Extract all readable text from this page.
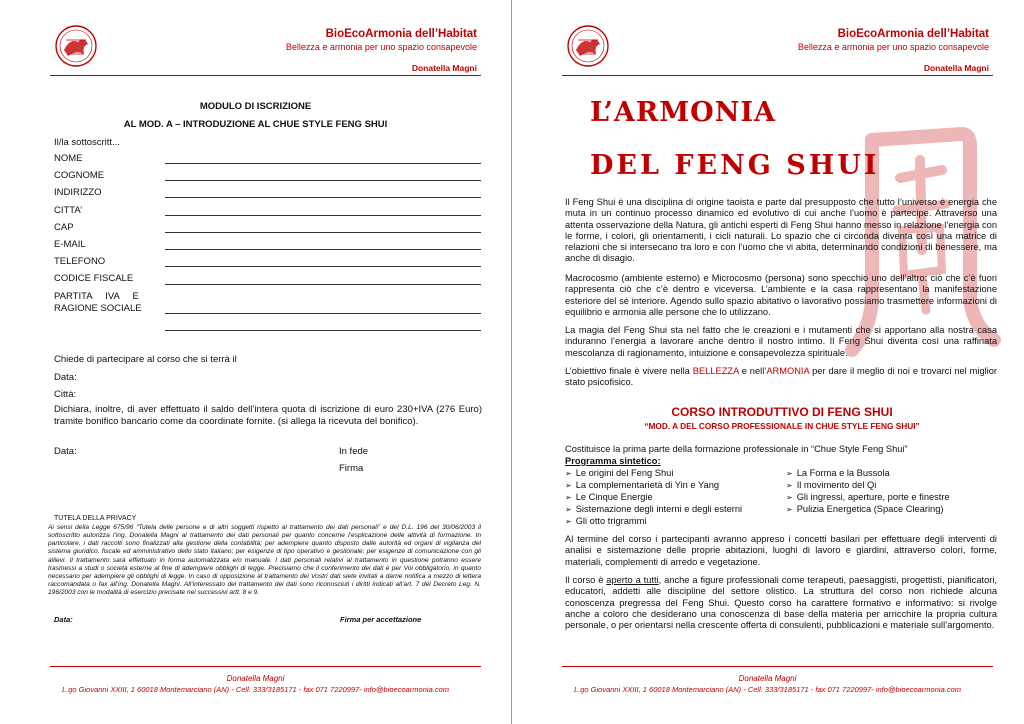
BioEcoArmonia dell’Habitat
Bellezza e armonia per uno spazio consapevole
Donatella Magni
MODULO DI ISCRIZIONE
AL MOD. A – INTRODUZIONE AL CHUE STYLE FENG SHUI
Il/la sottoscritt...
NOME
COGNOME
INDIRIZZO
CITTA’
CAP
E-MAIL
TELEFONO
CODICE FISCALE
PARTITA     IVA     E
RAGIONE SOCIALE
Chiede di partecipare al corso che si terrà il
Data:
Città:
Dichiara, inoltre, di aver effettuato il saldo dell’intera quota di iscrizione di euro 230+IVA (276 Euro) tramite bonifico bancario come da coordinate fornite. (si allega la ricevuta del bonifico).
Data:	In fede
Firma
TUTELA DELLA PRIVACY
Ai sensi della Legge 675/96 “Tutela delle persone e di altri soggetti rispetto al trattamento dei dati personali” e del D.L. 196 del 30/06/2003 il sottoscritto autorizza l’ing. Donatella Magni al trattamento dei dati personali per quanto concerne l’esplicazione delle attività di formazione. In particolare, i dati raccolti sono finalizzati alla gestione della contabilità; per adempiere quanto disposto dalle autorità ed organi di vigilanza del sistema giuridico, fiscale ed amministrativo dello stato italiano; per esigenze di tipo operativo e gestionale; per esigenze di comunicazione con gli allievi. Il trattamento sarà effettuato in forma automatizzata e/o manuale. I dati personali relativi al trattamento in questione potranno essere trasmessi a studi o società esterne al fine di adempiere obblighi di legge. Precisiamo che il conferimento dei dati è per Voi obbligatorio, in quanto necessario per adempiere gli obblighi di legge. In caso di opposizione al trattamento dei Vostri dati siete invitati a darne notifica a mezzo di lettera raccomandata o fax all’ing. Donatella Magni. All’interessato del trattamento dei dati sono riconosciuti i diritti indicati all’art. 7 del Decreto Leg. N. 196/2003 con le modalità di esercizio precisate nei successivi artt. 8 e 9.
Data:	Firma per accettazione
Donatella Magni
L.go Giovanni XXIII, 1 60018 Montemarciano (AN) - Cell. 333/3185171 - fax 071 7220997- info@bioecoarmonia.com
BioEcoArmonia dell’Habitat
Bellezza e armonia per uno spazio consapevole
Donatella Magni
L’ARMONIA
DEL FENG SHUI
Il Feng Shui è una disciplina di origine taoista e parte dal presupposto che tutto l’universo è energia che muta in un continuo processo dinamico ed evolutivo di cui anche l’uomo è partecipe. Attraverso una attenta osservazione della Natura, gli antichi esperti di Feng Shui hanno messo in relazione l’energia con le forme, i colori, gli orientamenti, i cicli naturali. Lo spazio che ci circonda diventa così una matrice di relazioni che si intersecano tra loro e con l’uomo che vi abita, determinando condizioni di benessere, ma anche di disagio.
Macrocosmo (ambiente esterno) e Microcosmo (persona) sono specchio uno dell’altro: ciò che c’è fuori rappresenta ciò che c’è dentro e viceversa. L’ambiente e la casa rappresentano la manifestazione esteriore del sé interiore. Agendo sullo spazio abitativo o lavorativo possiamo trasmettere informazioni di equilibrio e armonia alle persone che lo utilizzano.
La magia del Feng Shui sta nel fatto che le creazioni e i mutamenti che si apportano alla nostra casa induranno l’energia a lavorare anche dentro il nostro intimo. Il Feng Shui diventa così una raffinata mescolanza di ragionamento, intuizione e consapevolezza spirituale.
L’obiettivo finale è vivere nella BELLEZZA e nell’ARMONIA per dare il meglio di noi e trovarci nel miglior stato psicofisico.
CORSO INTRODUTTIVO DI FENG SHUI
“MOD. A DEL CORSO PROFESSIONALE IN CHUE STYLE FENG SHUI”
Costituisce la prima parte della formazione professionale in “Chue Style Feng Shui”
Programma sintetico:
➢ Le origini del Feng Shui
➢ La complementarietà di Yin e Yang
➢ Le Cinque Energie
➢ Sistemazione degli interni e degli esterni
➢ Gli otto trigrammi
➢ La Forma e la Bussola
➢ Il movimento del Qi
➢ Gli ingressi, aperture, porte e finestre
➢ Pulizia Energetica (Space Clearing)
Al termine del corso i partecipanti avranno appreso i concetti basilari per effettuare degli interventi di analisi e sistemazione delle proprie abitazioni, luoghi di lavoro e giardini, attraverso colori, forme, materiali, complementi di arredo e vegetazione.
Il corso è aperto a tutti, anche a figure professionali come terapeuti, paesaggisti, progettisti, pianificatori, educatori, addetti alle discipline del settore olistico. La struttura del corso non richiede alcuna conoscenza pregressa del Feng Shui. Questo corso ha carattere formativo e informativo: si rivolge anche a coloro che desiderano una conoscenza di base della materia per arricchire la propria cultura personale, o per orientarsi nella crescente offerta di consulenti, pubblicazioni e materiale sull’argomento.
Donatella Magni
L.go Giovanni XXIII, 1 60018 Montemarciano (AN) - Cell. 333/3185171 - fax 071 7220997- info@bioecoarmonia.com
